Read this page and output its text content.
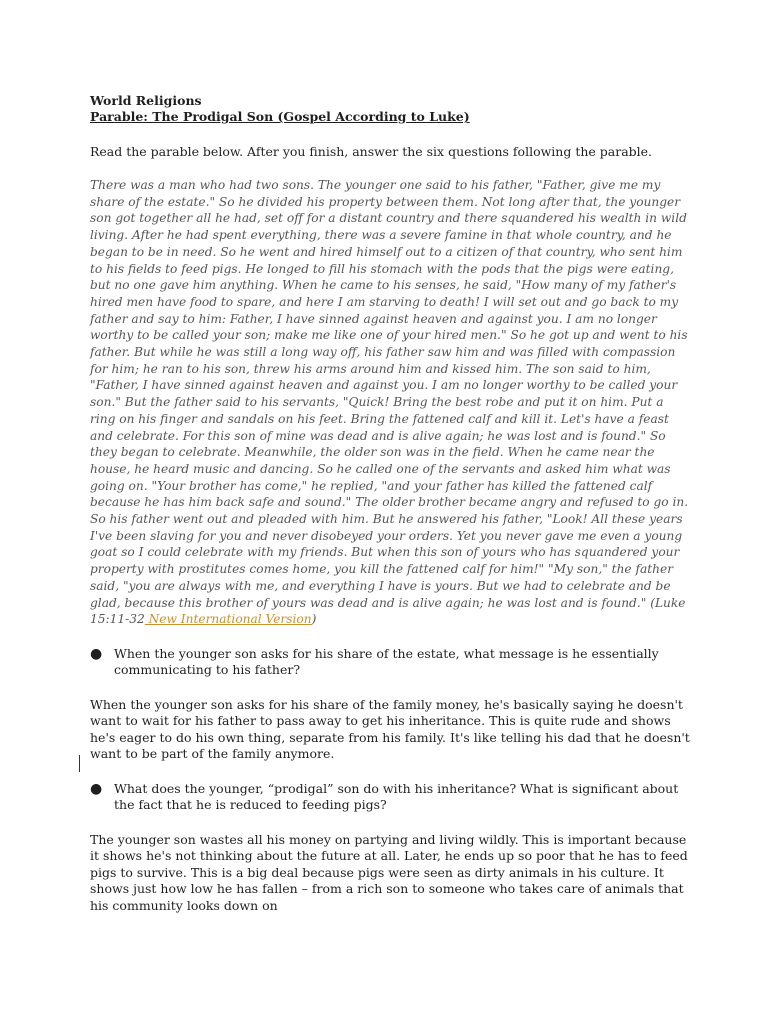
World Religions

Parable: The Prodigal Son (Gospel According to Luke)

Read the parable below. After you finish, answer the six questions following the parable.

There was a man who had two sons. The younger one said to his father, "Father, give me my share of the estate." So he divided his property between them. Not long after that, the younger son got together all he had, set off for a distant country and there squandered his wealth in wild living. After he had spent everything, there was a severe famine in that whole country, and he began to be in need. So he went and hired himself out to a citizen of that country, who sent him to his fields to feed pigs. He longed to fill his stomach with the pods that the pigs were eating, but no one gave him anything. When he came to his senses, he said, "How many of my father's hired men have food to spare, and here I am starving to death! I will set out and go back to my father and say to him: Father, I have sinned against heaven and against you. I am no longer worthy to be called your son; make me like one of your hired men." So he got up and went to his father. But while he was still a long way off, his father saw him and was filled with compassion for him; he ran to his son, threw his arms around him and kissed him. The son said to him, "Father, I have sinned against heaven and against you. I am no longer worthy to be called your son." But the father said to his servants, "Quick! Bring the best robe and put it on him. Put a ring on his finger and sandals on his feet. Bring the fattened calf and kill it. Let's have a feast and celebrate. For this son of mine was dead and is alive again; he was lost and is found." So they began to celebrate. Meanwhile, the older son was in the field. When he came near the house, he heard music and dancing. So he called one of the servants and asked him what was going on. "Your brother has come," he replied, "and your father has killed the fattened calf because he has him back safe and sound." The older brother became angry and refused to go in. So his father went out and pleaded with him. But he answered his father, "Look! All these years I've been slaving for you and never disobeyed your orders. Yet you never gave me even a young goat so I could celebrate with my friends. But when this son of yours who has squandered your property with prostitutes comes home, you kill the fattened calf for him!" "My son," the father said, "you are always with me, and everything I have is yours. But we had to celebrate and be glad, because this brother of yours was dead and is alive again; he was lost and is found." (Luke 15:11-32 New International Version)

● When the younger son asks for his share of the estate, what message is he essentially communicating to his father?

When the younger son asks for his share of the family money, he's basically saying he doesn't want to wait for his father to pass away to get his inheritance. This is quite rude and shows he's eager to do his own thing, separate from his family. It's like telling his dad that he doesn't want to be part of the family anymore.

● What does the younger, “prodigal” son do with his inheritance? What is significant about the fact that he is reduced to feeding pigs?

The younger son wastes all his money on partying and living wildly. This is important because it shows he's not thinking about the future at all. Later, he ends up so poor that he has to feed pigs to survive. This is a big deal because pigs were seen as dirty animals in his culture. It shows just how low he has fallen – from a rich son to someone who takes care of animals that his community looks down on
